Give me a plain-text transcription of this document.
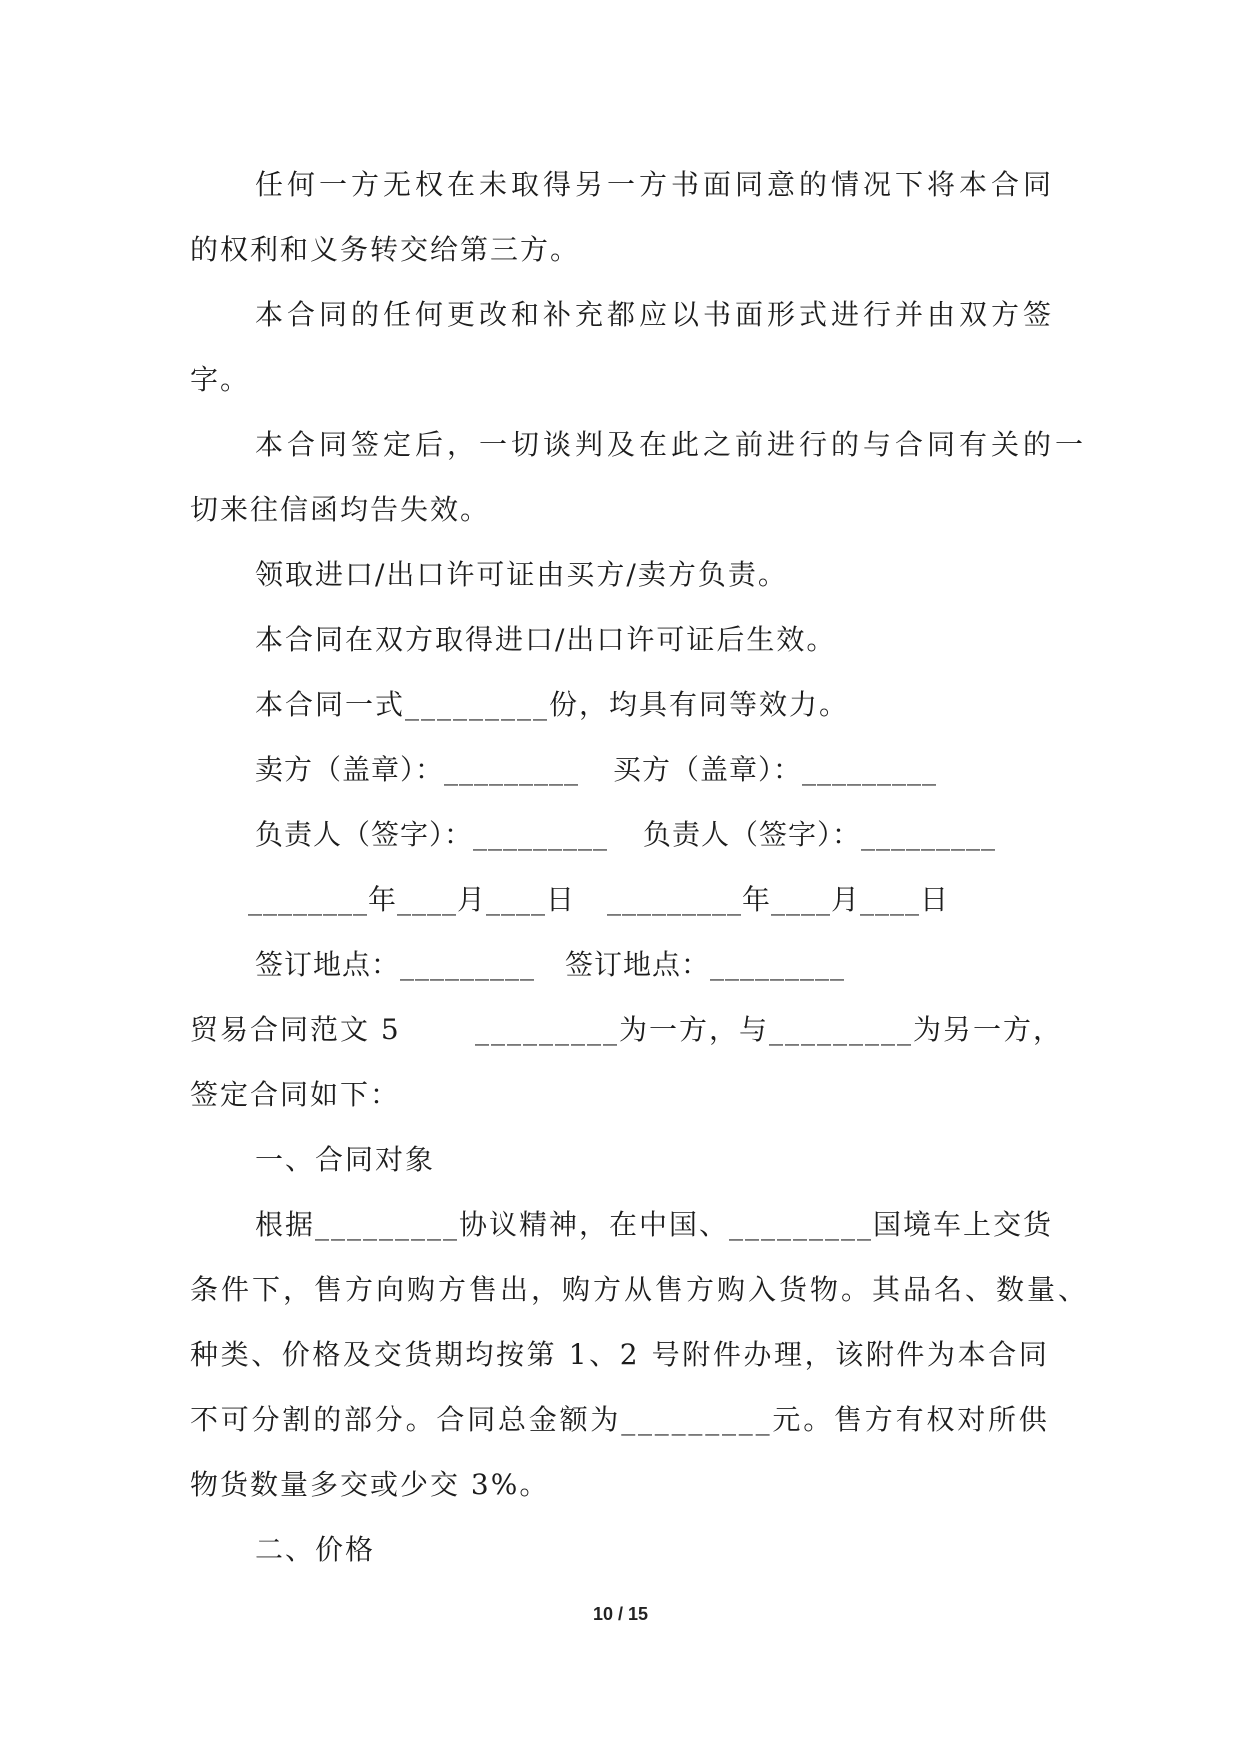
任何一方无权在未取得另一方书面同意的情况下将本合同
的权利和义务转交给第三方。
本合同的任何更改和补充都应以书面形式进行并由双方签
字。
本合同签定后，一切谈判及在此之前进行的与合同有关的一
切来往信函均告失效。
领取进口/出口许可证由买方/卖方负责。
本合同在双方取得进口/出口许可证后生效。
本合同一式_________份，均具有同等效力。
卖方（盖章）：_________ 买方（盖章）：_________
负责人（签字）：_________ 负责人（签字）：_________
________年____月____日 _________年____月____日
签订地点：_________ 签订地点：_________
贸易合同范文 5	_________为一方，与_________为另一方，
签定合同如下：
一、合同对象
根据_________协议精神，在中国、_________国境车上交货
条件下，售方向购方售出，购方从售方购入货物。其品名、数量、
种类、价格及交货期均按第 1、2 号附件办理，该附件为本合同
不可分割的部分。合同总金额为_________元。售方有权对所供
物货数量多交或少交 3%。
二、价格
10 / 15
